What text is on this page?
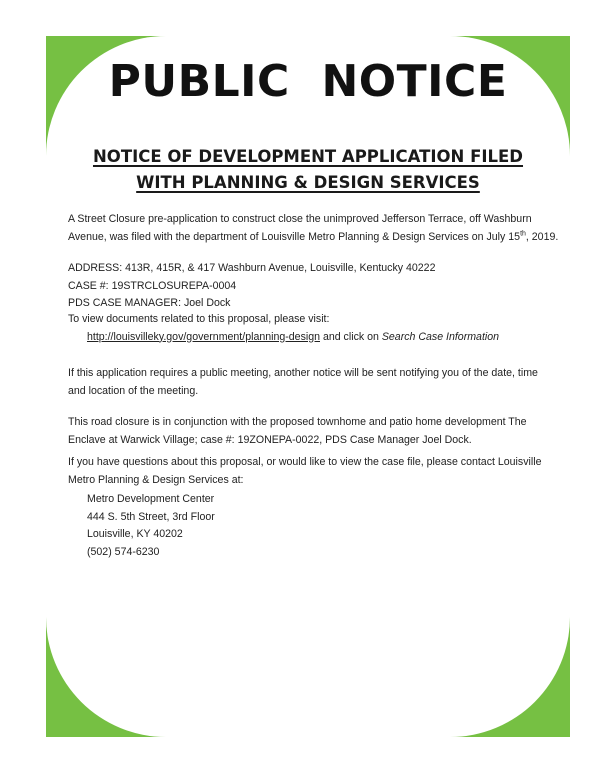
PUBLIC  NOTICE
NOTICE OF DEVELOPMENT APPLICATION FILED
WITH PLANNING & DESIGN SERVICES
A Street Closure pre-application to construct close the unimproved Jefferson Terrace, off Washburn
Avenue, was filed with the department of Louisville Metro Planning & Design Services on July 15th, 2019.
ADDRESS: 413R, 415R, & 417 Washburn Avenue, Louisville, Kentucky 40222
CASE #: 19STRCLOSUREPA-0004
PDS CASE MANAGER: Joel Dock
To view documents related to this proposal, please visit:
http://louisvilleky.gov/government/planning-design and click on Search Case Information
If this application requires a public meeting, another notice will be sent notifying you of the date, time
and location of the meeting.
This road closure is in conjunction with the proposed townhome and patio home development The
Enclave at Warwick Village; case #: 19ZONEPA-0022, PDS Case Manager Joel Dock.
If you have questions about this proposal, or would like to view the case file, please contact Louisville
Metro Planning & Design Services at:
Metro Development Center
444 S. 5th Street, 3rd Floor
Louisville, KY 40202
(502) 574-6230
